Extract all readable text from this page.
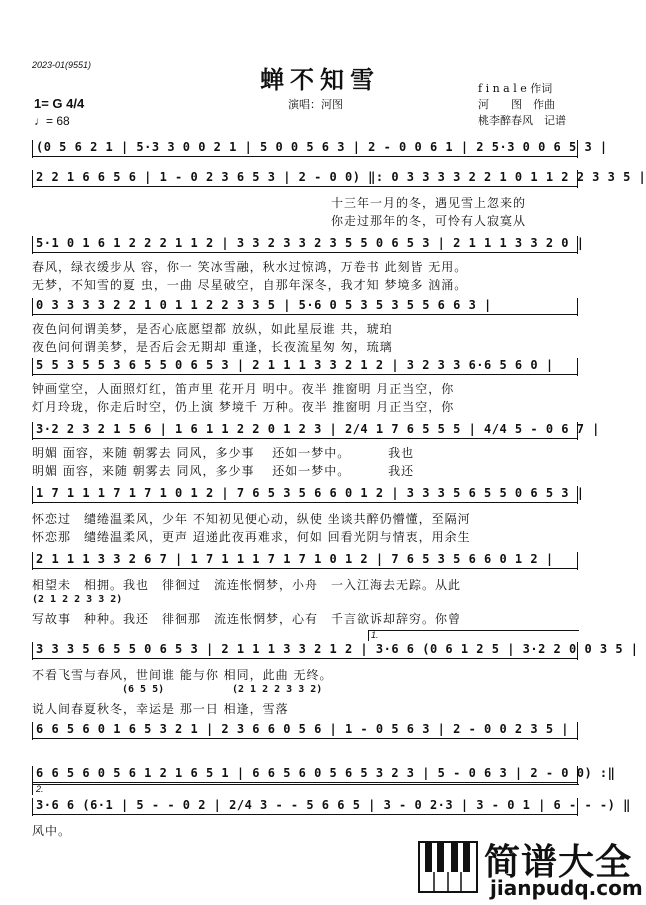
2023-01(9551)	蝉不知雪
1= G 4/4
♩= 68
演唱：河图
f i n a l e 作词
河　　图　作曲
桃李醉春风　记谱
(0 5 6 2 1 | 5·3 3 0 0 2 1 | 5 0 0 5 6 3 | 2 - 0 0 6 1 | 2 5·3 0 0 6 5 3 |
2 2 1 6 6 5 6 | 1 - 0 2 3 6 5 3 | 2 - 0 0) ‖: 0 3 3 3 3 2 2 1 0 1 1 2 2 3 3 5 |
　　　　　　　　　　　　　　　　　　　　　　　十三年一月的冬，遇见雪上忽来的
　　　　　　　　　　　　　　　　　　　　　　　你走过那年的冬，可怜有人寂寞从
5·1 0 1 6 1 2 2 2 1 1 2 | 3 3 2 3 3 2 3 5 5 0 6 5 3 | 2 1 1 1 3 3 2 0 |
春风，绿衣缓步从 容，你一 笑冰雪融，秋水过惊鸿，万卷书 此刻皆 无用。
无梦，不知雪的夏 虫，一曲 尽星破空，自那年深冬，我才知 梦境多 汹涌。
0 3 3 3 3 2 2 1 0 1 1 2 2 3 3 5 | 5·6 0 5 3 5 3 5 5 6 6 3 |
夜色问何谓美梦，是否心底愿望都 放纵，如此星辰谁 共，琥珀
夜色问何谓美梦，是否后会无期却 重逢，长夜流星匆 匆，琉璃
5 5 3 5 5 3 6 5 5 0 6 5 3 | 2 1 1 1 3 3 2 1 2 | 3 2 3 3 6·6 5 6 0 |
钟画堂空，人面照灯红，笛声里 花开月 明中。夜半 推窗明 月正当空，你
灯月玲珑，你走后时空，仍上演 梦境千 万种。夜半 推窗明 月正当空，你
3·2 2 3 2 1 5 6 | 1 6 1 1 2 2 0 1 2 3 | 2/4 1 7 6 5 5 5 | 4/4 5 - 0 6 7 |
明媚 面容，来随 朝雾去 同风，多少事　 还如一梦中。　　　 我也
明媚 面容，来随 朝雾去 同风，多少事　 还如一梦中。　　　 我还
1 7 1 1 1 7 1 7 1 0 1 2 | 7 6 5 3 5 6 6 0 1 2 | 3 3 3 5 6 5 5 0 6 5 3 |
怀恋过　缱绻温柔风，少年 不知初见便心动，纵使 坐谈共醉仍懵懂，至隔河
怀恋那　缱绻温柔风，更声 迢递此夜再难求，何如 回看光阴与情衷，用余生
2 1 1 1 3 3 2 6 7 | 1 7 1 1 1 7 1 7 1 0 1 2 | 7 6 5 3 5 6 6 0 1 2 |
相望未　相拥。我也　徘徊过　流连怅惘梦，小舟　一入江海去无踪。从此
(2 1 2 2 3 3 2)
写故事　种种。我还　徘徊那　流连怅惘梦，心有　千言欲诉却辞穷。你曾
1.
3 3 3 5 6 5 5 0 6 5 3 | 2 1 1 1 3 3 2 1 2 | 3·6 6 (0 6 1 2 5 | 3·2 2 0 0 3 5 |
不看飞雪与春风，世间谁 能与你 相同，此曲 无终。
(6 5 5)	(2 1 2 2 3 3 2)
说人间春夏秋冬，幸运是 那一日 相逢，雪落
6 6 5 6 0 1 6 5 3 2 1 | 2 3 6 6 0 5 6 | 1 - 0 5 6 3 | 2 - 0 0 2 3 5 |
6 6 5 6 0 5 6 1 2 1 6 5 1 | 6 6 5 6 0 5 6 5 3 2 3 | 5 - 0 6 3 | 2 - 0 0) :‖
2.
3·6 6 (6·1 | 5 - - 0 2 | 2/4 3 - - 5 6 6 5 | 3 - 0 2·3 | 3 - 0 1 | 6 - - -) ‖
风中。
简谱大全
jianpudq.com
